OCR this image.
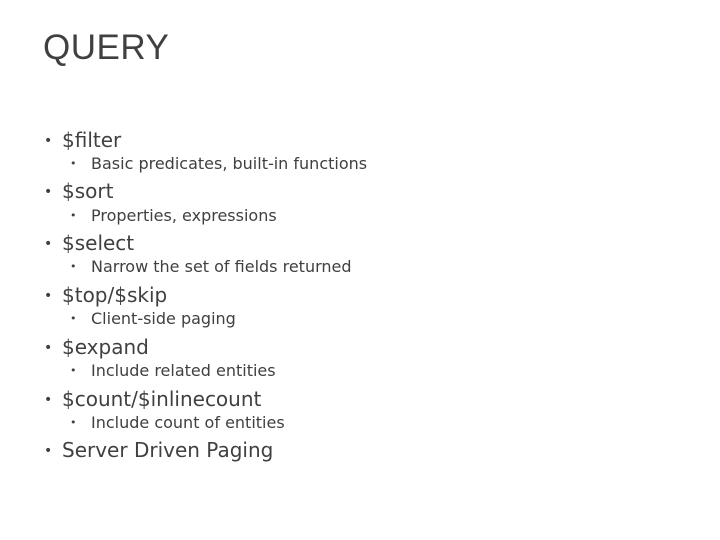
QUERY
• $filter
• Basic predicates, built-in functions
• $sort
• Properties, expressions
• $select
• Narrow the set of fields returned
• $top/$skip
• Client-side paging
• $expand
• Include related entities
• $count/$inlinecount
• Include count of entities
• Server Driven Paging
